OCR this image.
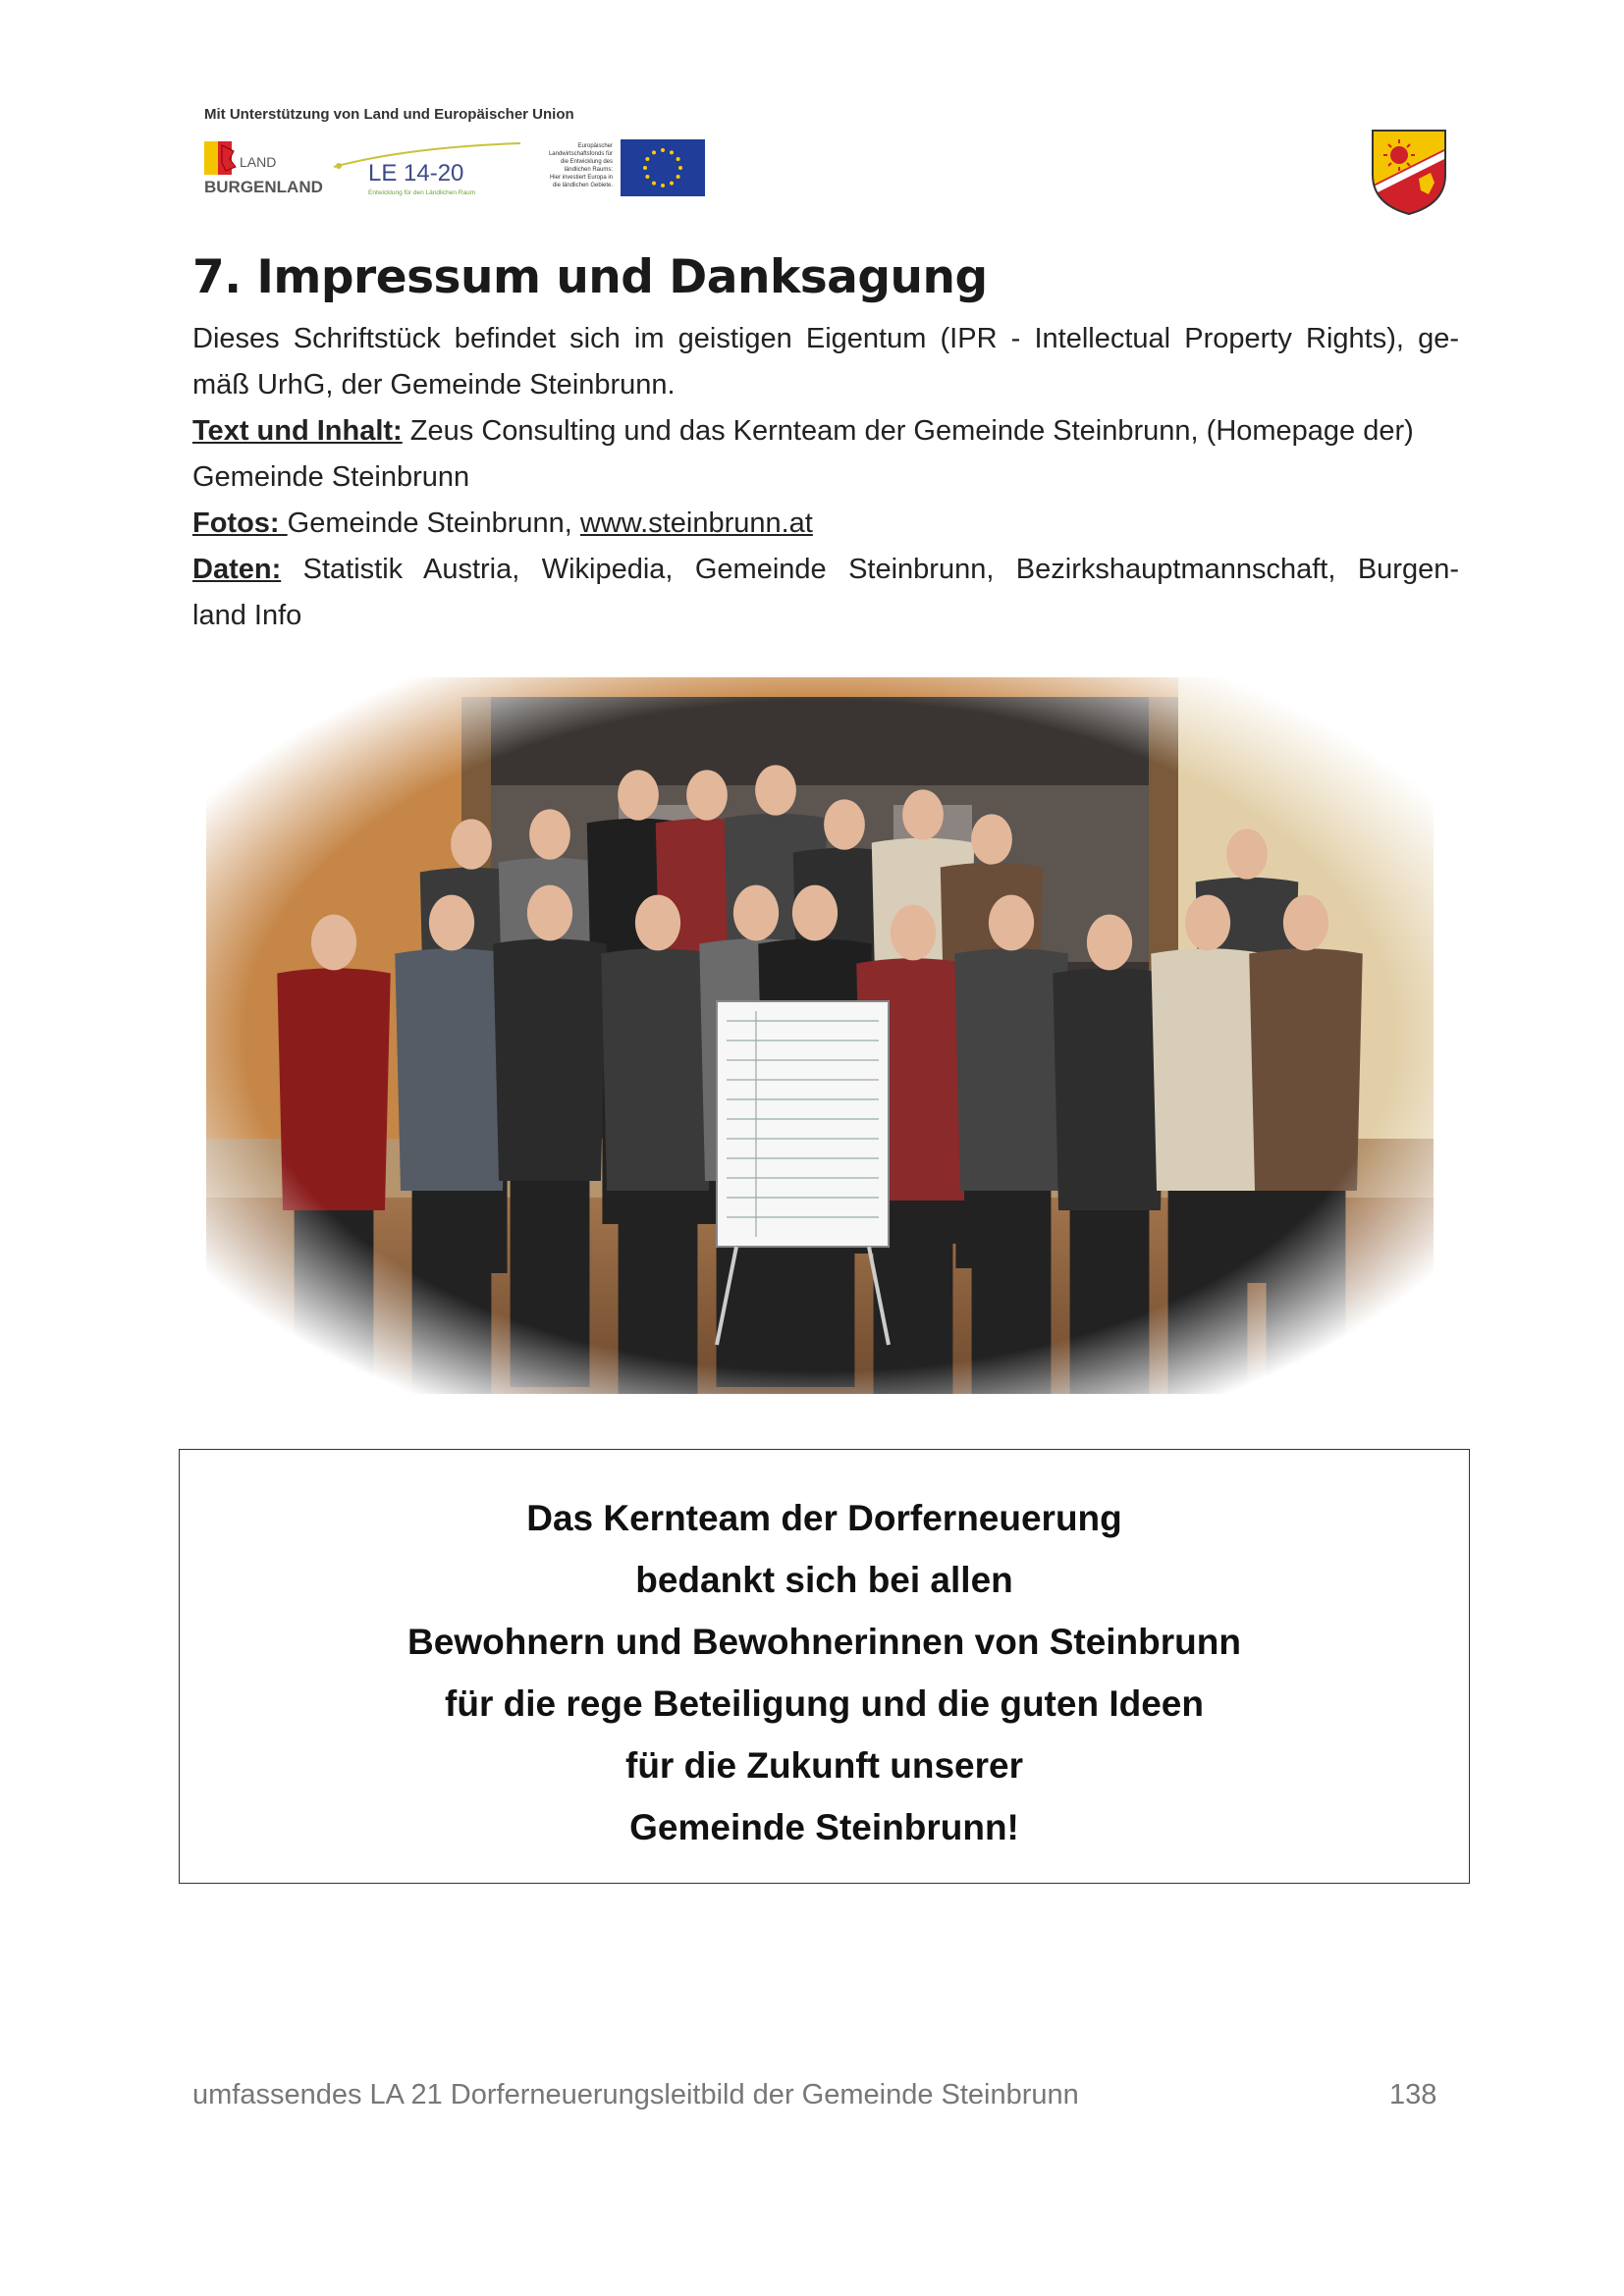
Mit Unterstützung von Land und Europäischer Union
LAND
BURGENLAND
LE 14-20
Entwicklung für den Ländlichen Raum
Europäischer
Landwirtschaftsfonds für
die Entwicklung des
ländlichen Raums:
Hier investiert Europa in
die ländlichen Gebiete.
7. Impressum und Danksagung

Dieses Schriftstück befindet sich im geistigen Eigentum (IPR - Intellectual Property Rights), ge-

mäß UrhG, der Gemeinde Steinbrunn.

Text und Inhalt: Zeus Consulting und das Kernteam der Gemeinde Steinbrunn, (Homepage der)

Gemeinde Steinbrunn

Fotos: Gemeinde Steinbrunn, www.steinbrunn.at

Daten: Statistik Austria, Wikipedia, Gemeinde Steinbrunn, Bezirkshauptmannschaft, Burgen-

land Info

Das Kernteam der Dorferneuerung
bedankt sich bei allen
Bewohnern und Bewohnerinnen von Steinbrunn
für die rege Beteiligung und die guten Ideen
für die Zukunft unserer
Gemeinde Steinbrunn!
umfassendes LA 21 Dorferneuerungsleitbild der Gemeinde Steinbrunn	138
